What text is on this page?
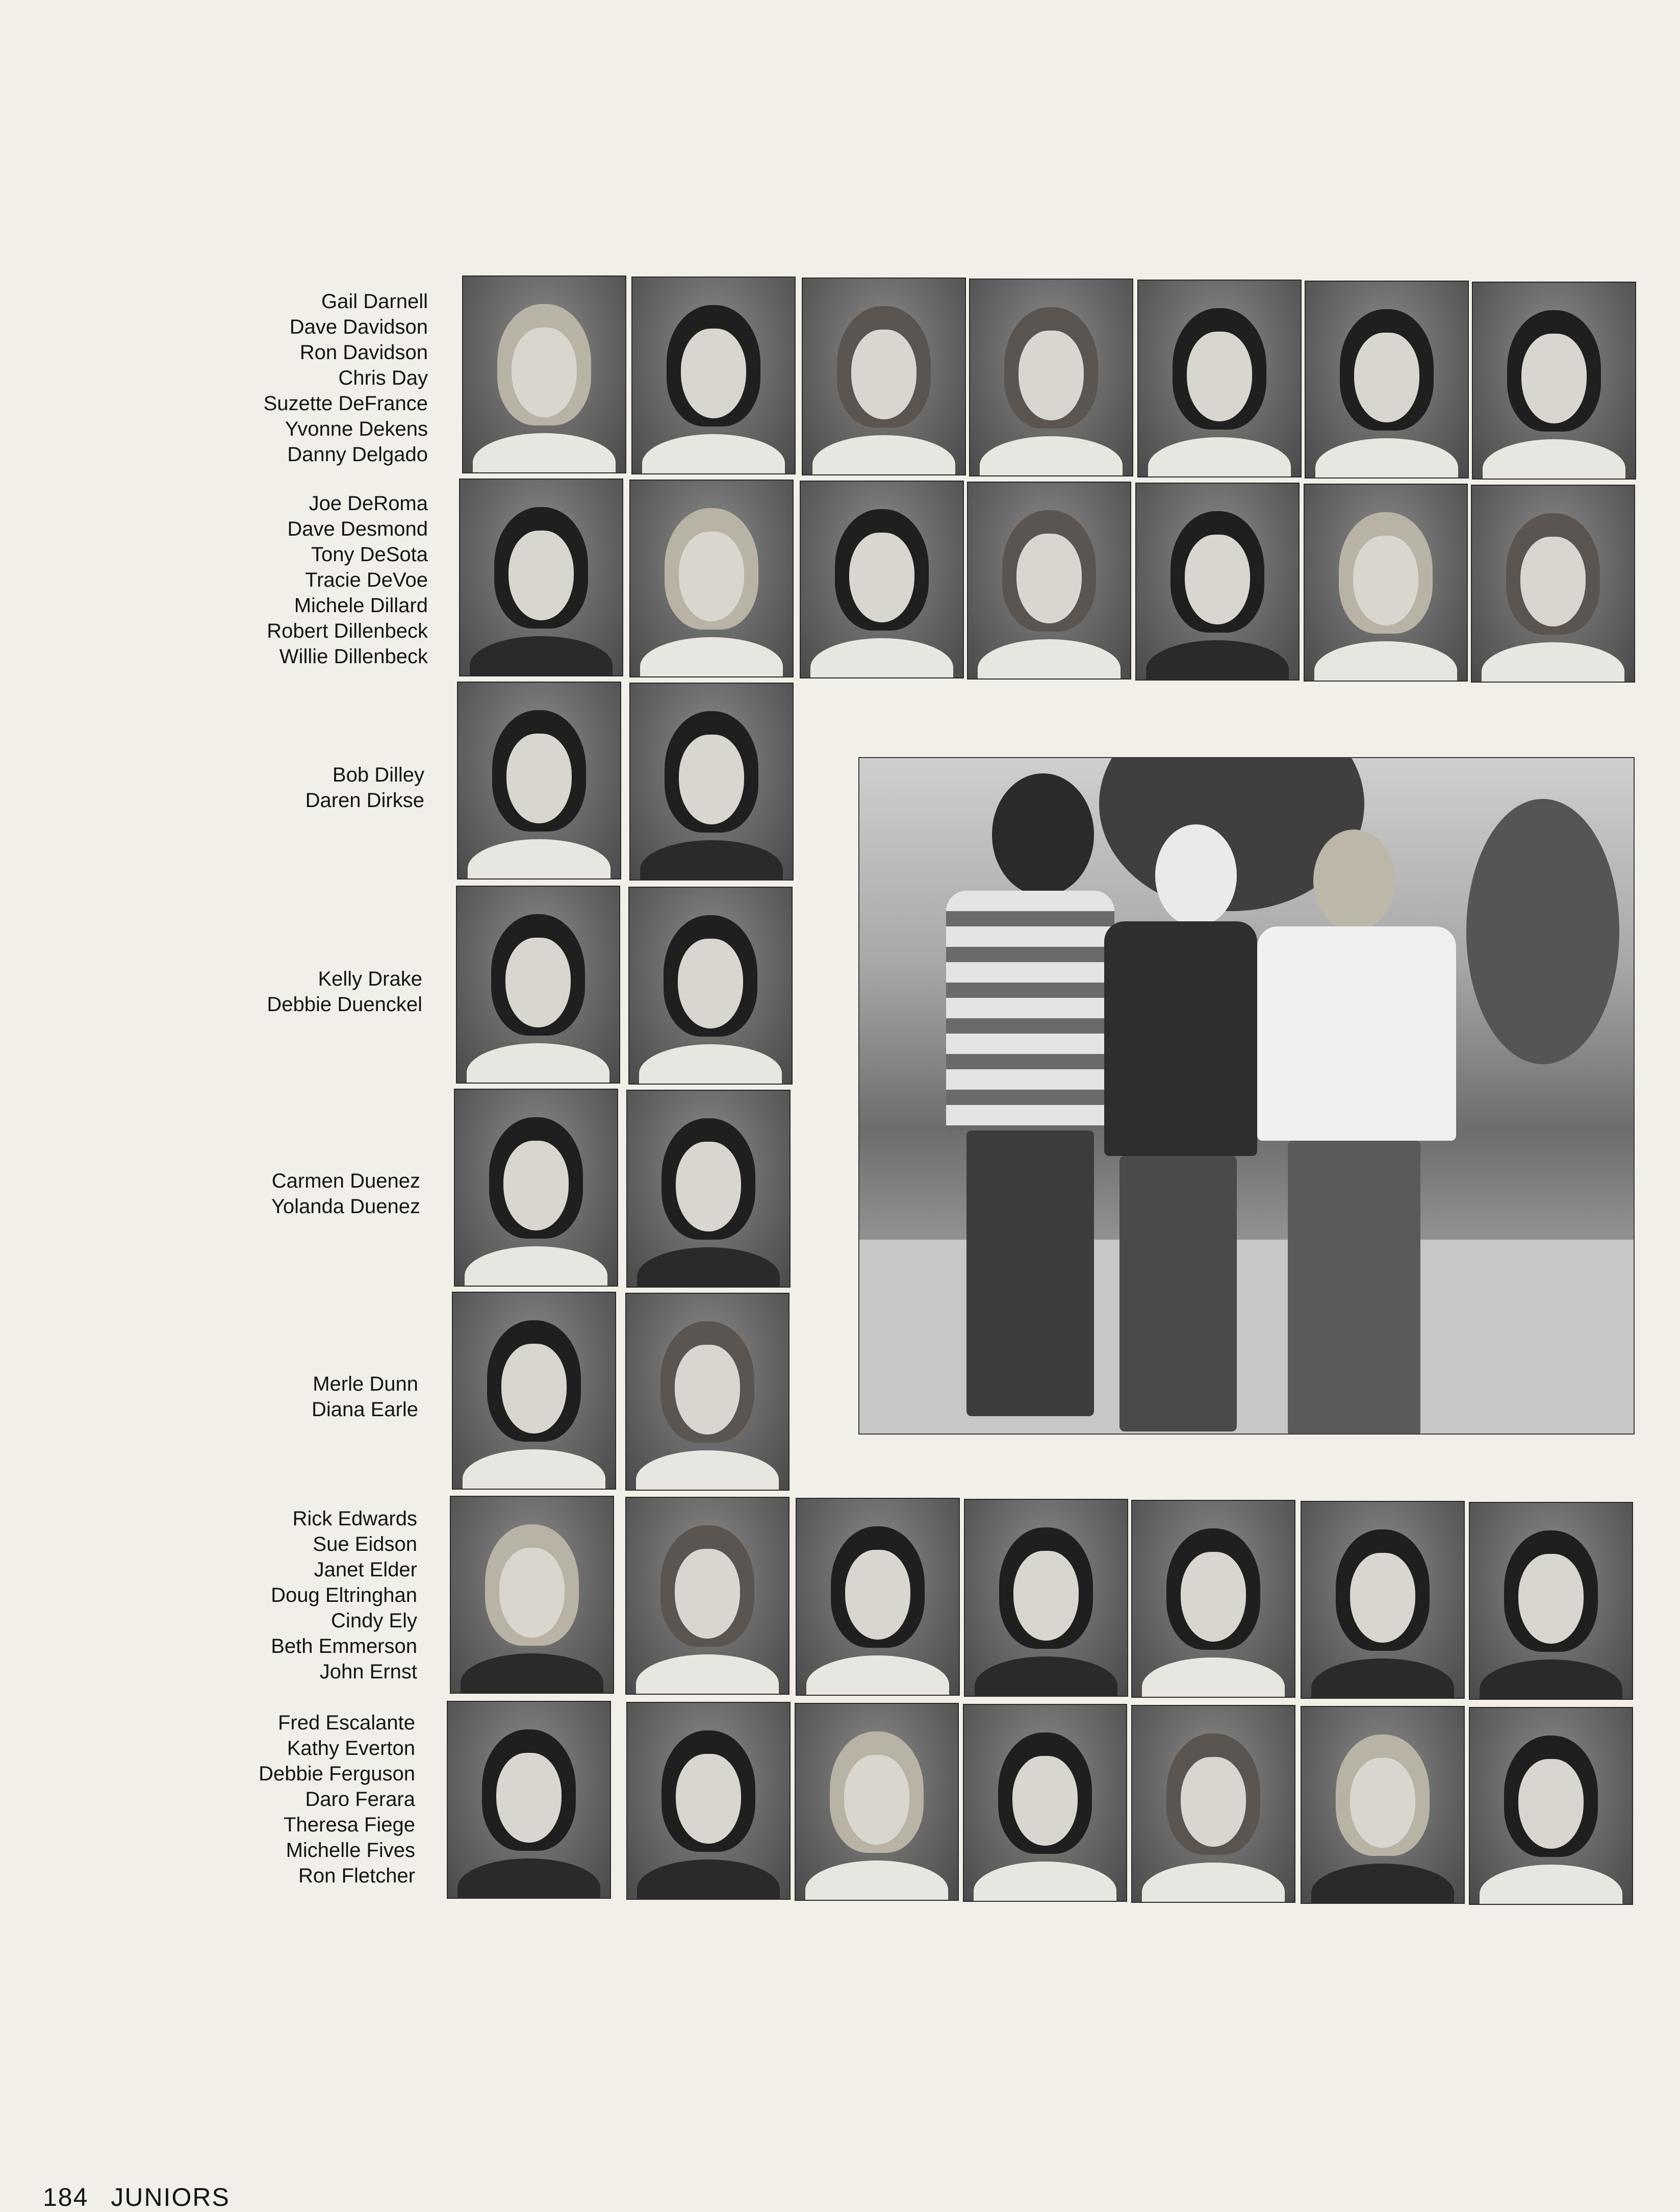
Gail Darnell
Dave Davidson
Ron Davidson
Chris Day
Suzette DeFrance
Yvonne Dekens
Danny Delgado
Joe DeRoma
Dave Desmond
Tony DeSota
Tracie DeVoe
Michele Dillard
Robert Dillenbeck
Willie Dillenbeck
Bob Dilley
Daren Dirkse
Kelly Drake
Debbie Duenckel
Carmen Duenez
Yolanda Duenez
Merle Dunn
Diana Earle
Rick Edwards
Sue Eidson
Janet Elder
Doug Eltringhan
Cindy Ely
Beth Emmerson
John Ernst
Fred Escalante
Kathy Everton
Debbie Ferguson
Daro Ferara
Theresa Fiege
Michelle Fives
Ron Fletcher
184 JUNIORS
